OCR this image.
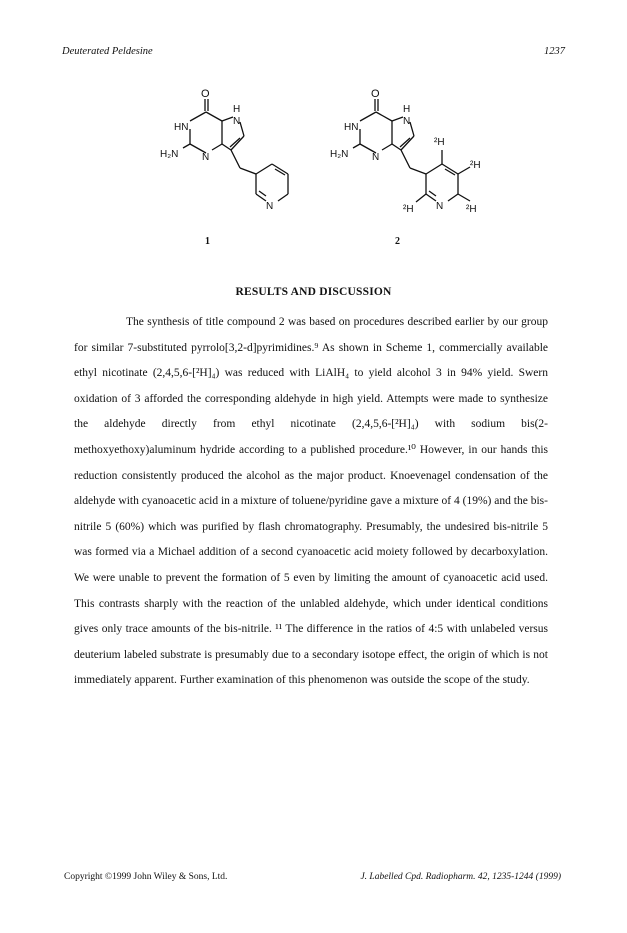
Deuterated Peldesine	1237
O
HN
H
N
H₂N N
N
O
HN
H
N
H₂N N
N
²H
²H
²H
²H
1	2
RESULTS AND DISCUSSION

The synthesis of title compound 2 was based on procedures described earlier by our group for similar 7-substituted pyrrolo[3,2-d]pyrimidines.⁹ As shown in Scheme 1, commercially available ethyl nicotinate (2,4,5,6-[²H]₄) was reduced with LiAlH₄ to yield alcohol 3 in 94% yield. Swern oxidation of 3 afforded the corresponding aldehyde in high yield. Attempts were made to synthesize the aldehyde directly from ethyl nicotinate (2,4,5,6-[²H]₄) with sodium bis(2-methoxyethoxy)aluminum hydride according to a published procedure.¹⁰ However, in our hands this reduction consistently produced the alcohol as the major product. Knoevenagel condensation of the aldehyde with cyanoacetic acid in a mixture of toluene/pyridine gave a mixture of 4 (19%) and the bis-nitrile 5 (60%) which was purified by flash chromatography. Presumably, the undesired bis-nitrile 5 was formed via a Michael addition of a second cyanoacetic acid moiety followed by decarboxylation. We were unable to prevent the formation of 5 even by limiting the amount of cyanoacetic acid used. This contrasts sharply with the reaction of the unlabled aldehyde, which under identical conditions gives only trace amounts of the bis-nitrile. ¹¹ The difference in the ratios of 4:5 with unlabeled versus deuterium labeled substrate is presumably due to a secondary isotope effect, the origin of which is not immediately apparent. Further examination of this phenomenon was outside the scope of the study.

Copyright ©1999 John Wiley & Sons, Ltd.	J. Labelled Cpd. Radiopharm. 42, 1235-1244 (1999)
